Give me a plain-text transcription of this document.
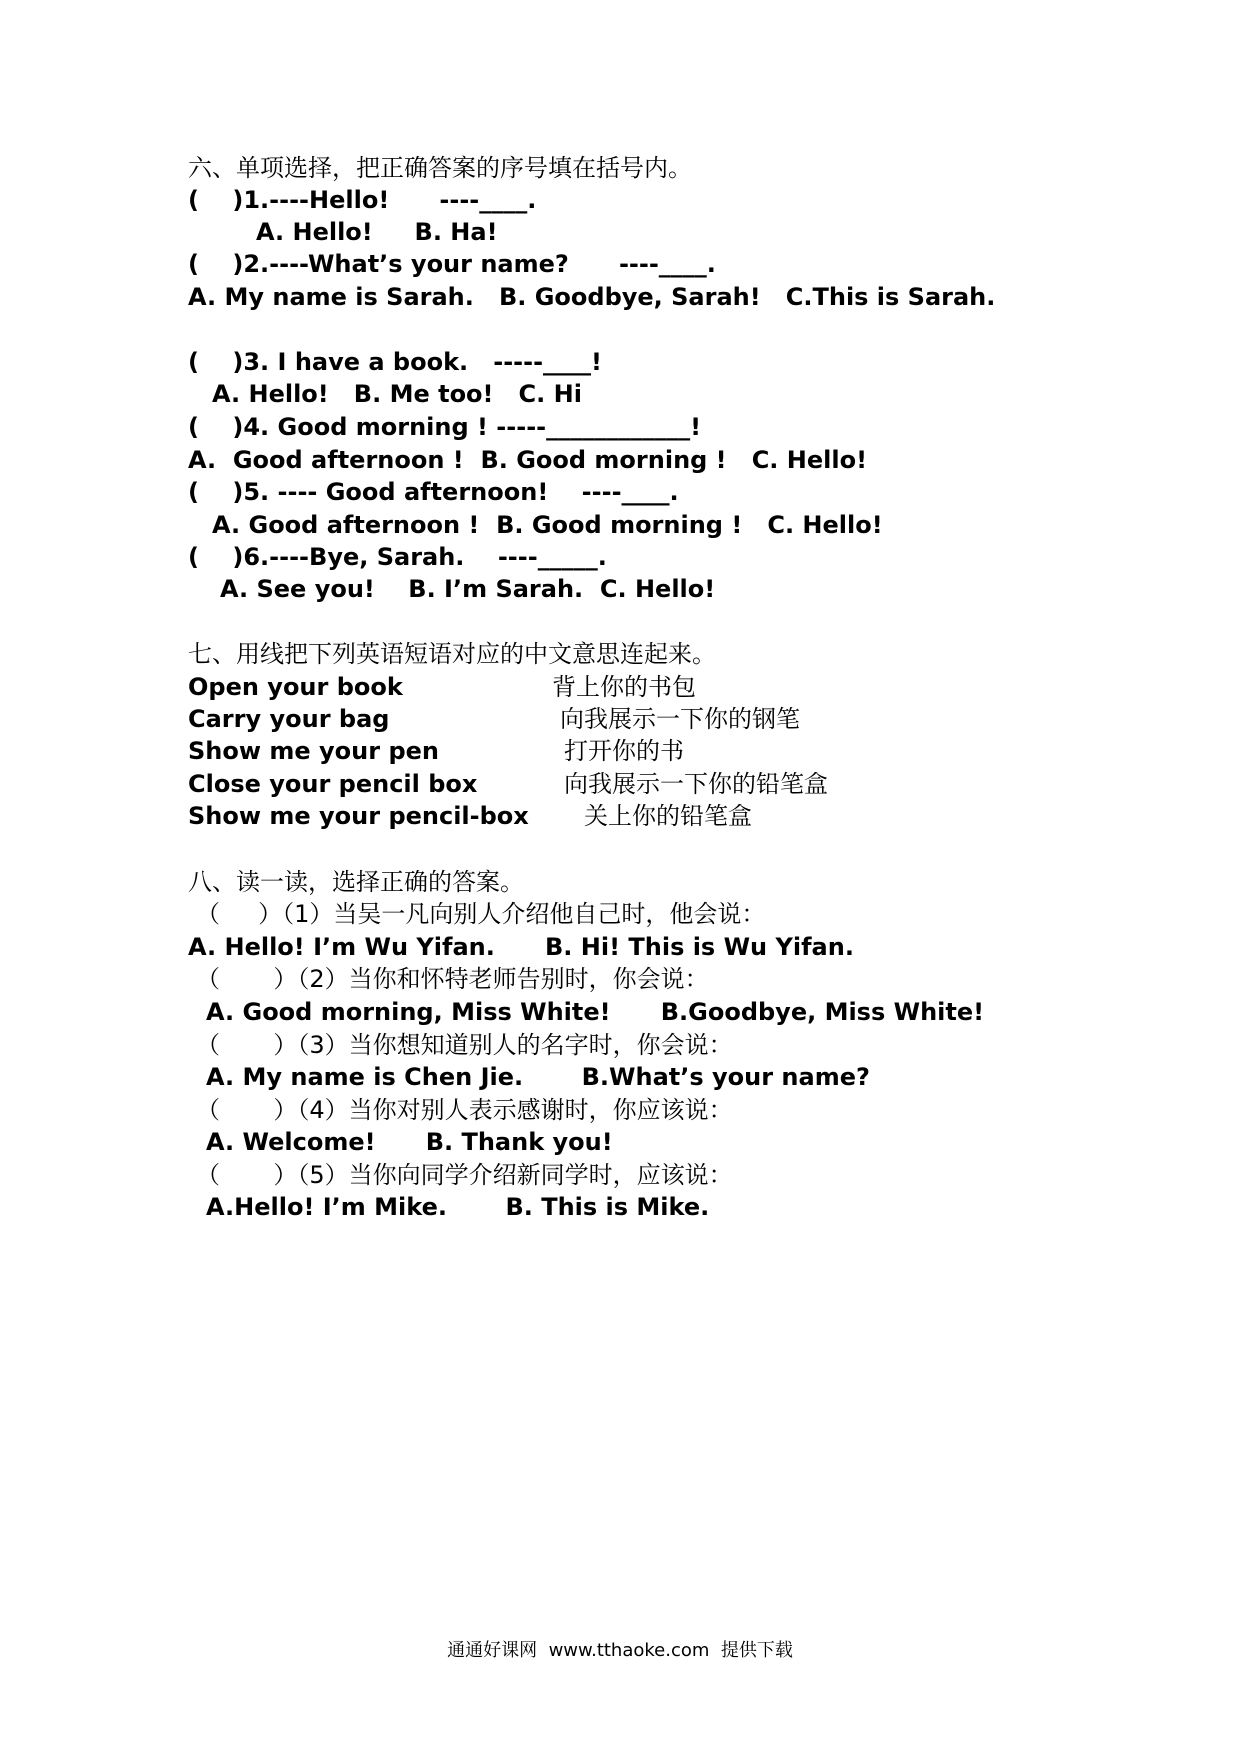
六、单项选择，把正确答案的序号填在括号内。
(    )1.----Hello!      ----____.
A. Hello!     B. Ha!
(    )2.----What’s your name?      ----____.
A. My name is Sarah.   B. Goodbye, Sarah!   C.This is Sarah.
(    )3. I have a book.   -----____!
A. Hello!   B. Me too!   C. Hi
(    )4. Good morning ! -----____________!
A.  Good afternoon !  B. Good morning !   C. Hello!
(    )5. ---- Good afternoon!    ----____.
A. Good afternoon !  B. Good morning !   C. Hello!
(    )6.----Bye, Sarah.    ----_____.
A. See you!    B. I’m Sarah.  C. Hello!
七、用线把下列英语短语对应的中文意思连起来。
Open your book
Carry your bag
Show me your pen
Close your pencil box
Show me your pencil-box
背上你的书包
向我展示一下你的钢笔
打开你的书
向我展示一下你的铅笔盒
关上你的铅笔盒
八、读一读，选择正确的答案。
（     ）（1）当吴一凡向别人介绍他自己时，他会说：
A. Hello! I’m Wu Yifan.      B. Hi! This is Wu Yifan.
（       ）（2）当你和怀特老师告别时，你会说：
A. Good morning, Miss White!      B.Goodbye, Miss White!
（       ）（3）当你想知道别人的名字时，你会说：
A. My name is Chen Jie.       B.What’s your name?
（       ）（4）当你对别人表示感谢时，你应该说：
A. Welcome!      B. Thank you!
（       ）（5）当你向同学介绍新同学时，应该说：
A.Hello! I’m Mike.       B. This is Mike.
通通好课网  www.tthaoke.com  提供下载
